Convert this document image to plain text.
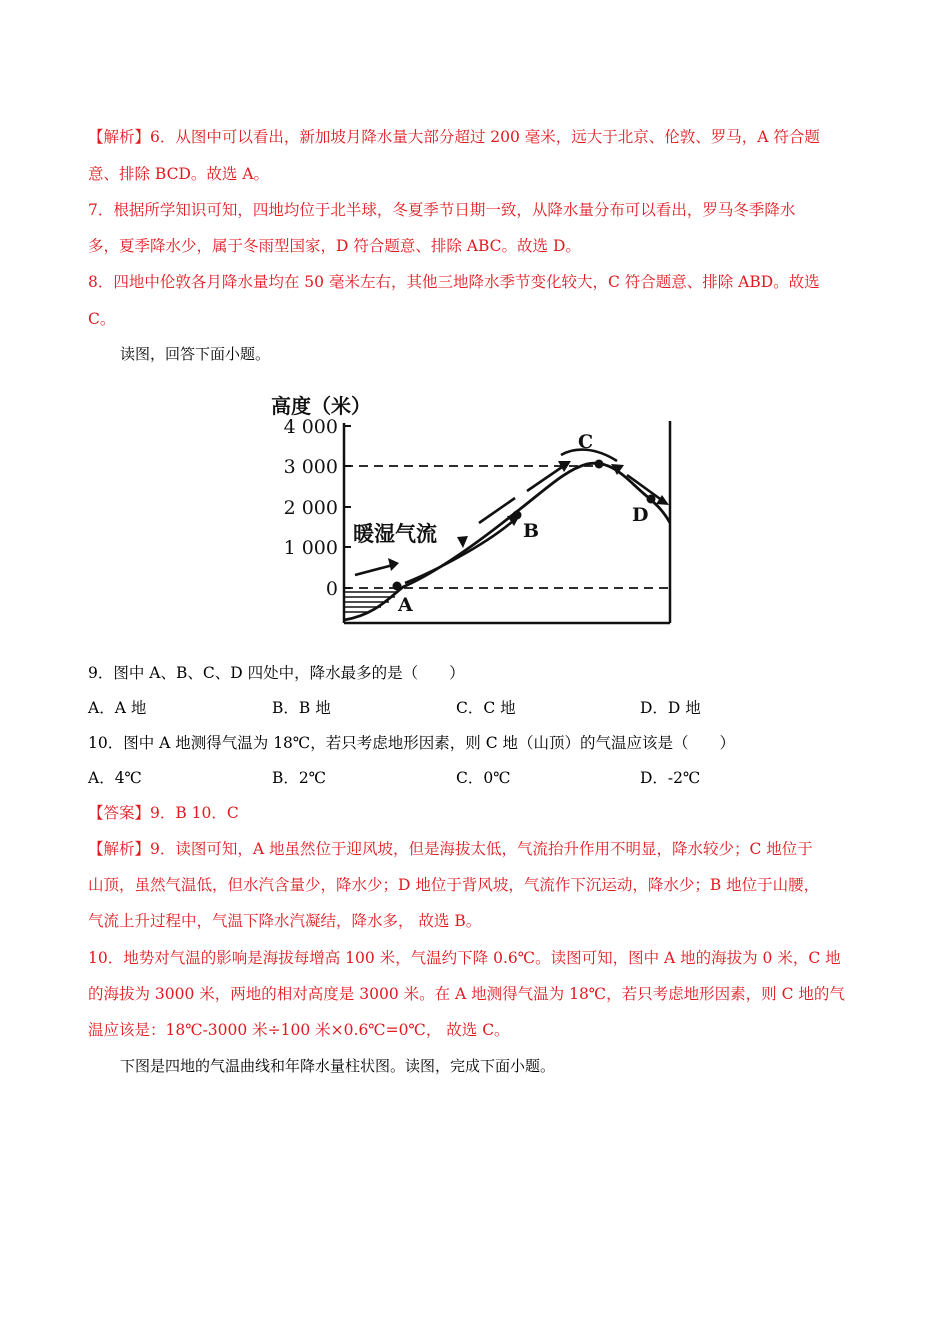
【解析】6．从图中可以看出，新加坡月降水量大部分超过 200 毫米，远大于北京、伦敦、罗马，A 符合题
意、排除 BCD。故选 A。
7．根据所学知识可知，四地均位于北半球，冬夏季节日期一致，从降水量分布可以看出，罗马冬季降水
多，夏季降水少，属于冬雨型国家，D 符合题意、排除 ABC。故选 D。
8．四地中伦敦各月降水量均在 50 毫米左右，其他三地降水季节变化较大，C 符合题意、排除 ABD。故选
C。
读图，回答下面小题。
高度（米）
4 000
3 000
2 000
1 000
0
A
B
C
D
暖湿气流
9．图中 A、B、C、D 四处中，降水最多的是（　　）
A．A 地	B．B 地	C．C 地	D．D 地
10．图中 A 地测得气温为 18℃，若只考虑地形因素，则 C 地（山顶）的气温应该是（　　）
A．4℃	B．2℃	C．0℃	D．-2℃
【答案】9．B 10．C
【解析】9．读图可知，A 地虽然位于迎风坡，但是海拔太低，气流抬升作用不明显，降水较少；C 地位于
山顶，虽然气温低，但水汽含量少，降水少；D 地位于背风坡，气流作下沉运动，降水少；B 地位于山腰，
气流上升过程中，气温下降水汽凝结，降水多， 故选 B。
10．地势对气温的影响是海拔每增高 100 米，气温约下降 0.6℃。读图可知，图中 A 地的海拔为 0 米，C 地
的海拔为 3000 米，两地的相对高度是 3000 米。在 A 地测得气温为 18℃，若只考虑地形因素，则 C 地的气
温应该是：18℃-3000 米÷100 米×0.6℃=0℃， 故选 C。
下图是四地的气温曲线和年降水量柱状图。读图，完成下面小题。
